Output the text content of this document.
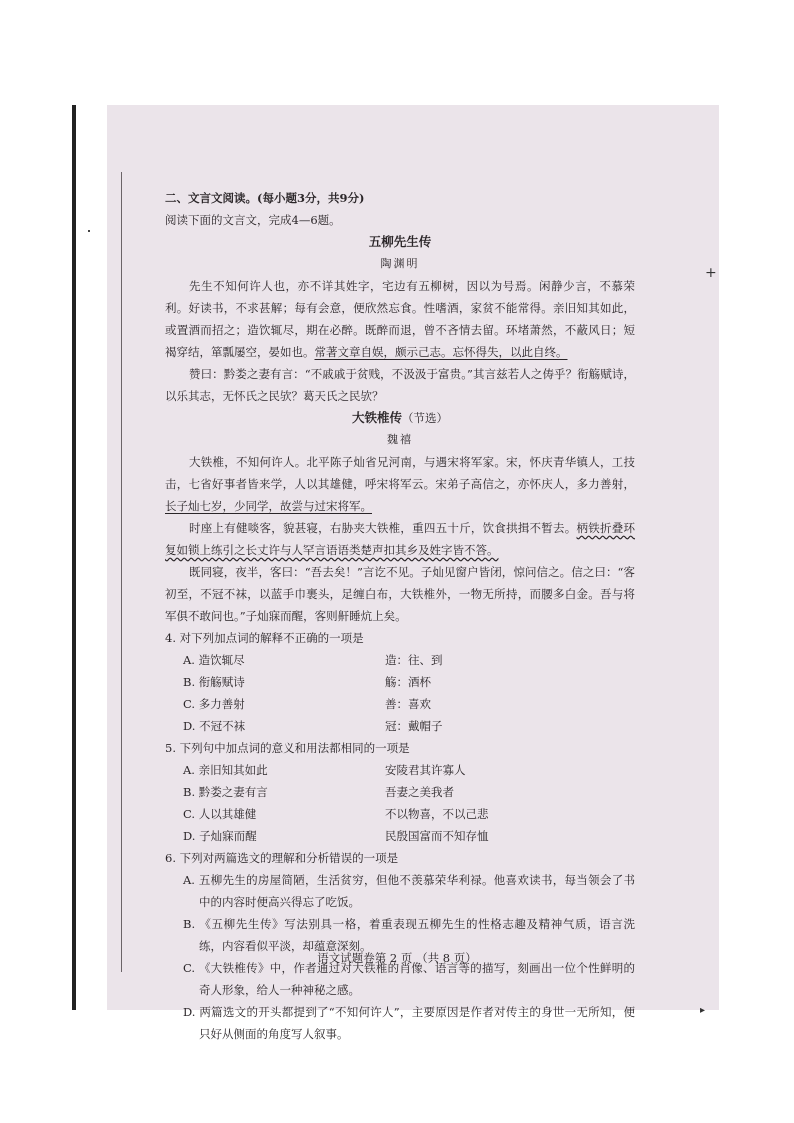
+
▸
二、文言文阅读。(每小题3分，共9分)
阅读下面的文言文，完成4—6题。
五柳先生传
陶渊明
先生不知何许人也，亦不详其姓字，宅边有五柳树，因以为号焉。闲静少言，不慕荣利。好读书，不求甚解；每有会意，便欣然忘食。性嗜酒，家贫不能常得。亲旧知其如此，或置酒而招之；造饮辄尽，期在必醉。既醉而退，曾不吝情去留。环堵萧然，不蔽风日；短褐穿结，箪瓢屡空，晏如也。常著文章自娱，颇示己志。忘怀得失，以此自终。
赞曰：黔娄之妻有言：“不戚戚于贫贱，不汲汲于富贵。”其言兹若人之俦乎？衔觞赋诗，以乐其志，无怀氏之民欤？葛天氏之民欤？
大铁椎传（节选）
魏禧
大铁椎，不知何许人。北平陈子灿省兄河南，与遇宋将军家。宋，怀庆青华镇人，工技击，七省好事者皆来学，人以其雄健，呼宋将军云。宋弟子高信之，亦怀庆人，多力善射，长子灿七岁，少同学，故尝与过宋将军。
时座上有健啖客，貌甚寝，右胁夹大铁椎，重四五十斤，饮食拱揖不暂去。柄铁折叠环复如锁上练引之长丈许与人罕言语语类楚声扣其乡及姓字皆不答。
既同寝，夜半，客曰：“吾去矣！”言讫不见。子灿见窗户皆闭，惊问信之。信之曰：“客初至，不冠不袜，以蓝手巾裹头，足缠白布，大铁椎外，一物无所持，而腰多白金。吾与将军俱不敢问也。”子灿寐而醒，客则鼾睡炕上矣。
4. 对下列加点词的解释不正确的一项是
A. 造饮辄尽	造：往、到
B. 衔觞赋诗	觞：酒杯
C. 多力善射	善：喜欢
D. 不冠不袜	冠：戴帽子
5. 下列句中加点词的意义和用法都相同的一项是
A. 亲旧知其如此	安陵君其许寡人
B. 黔娄之妻有言	吾妻之美我者
C. 人以其雄健	不以物喜，不以己悲
D. 子灿寐而醒	民殷国富而不知存恤
6. 下列对两篇选文的理解和分析错误的一项是
A. 五柳先生的房屋简陋，生活贫穷，但他不羡慕荣华利禄。他喜欢读书，每当领会了书中的内容时便高兴得忘了吃饭。
B. 《五柳先生传》写法别具一格，着重表现五柳先生的性格志趣及精神气质，语言洗练，内容看似平淡，却蕴意深刻。
C. 《大铁椎传》中，作者通过对大铁椎的肖像、语言等的描写，刻画出一位个性鲜明的奇人形象，给人一种神秘之感。
D. 两篇选文的开头都提到了“不知何许人”，主要原因是作者对传主的身世一无所知，便只好从侧面的角度写人叙事。
语文试题卷第 2 页 （共 8 页）
